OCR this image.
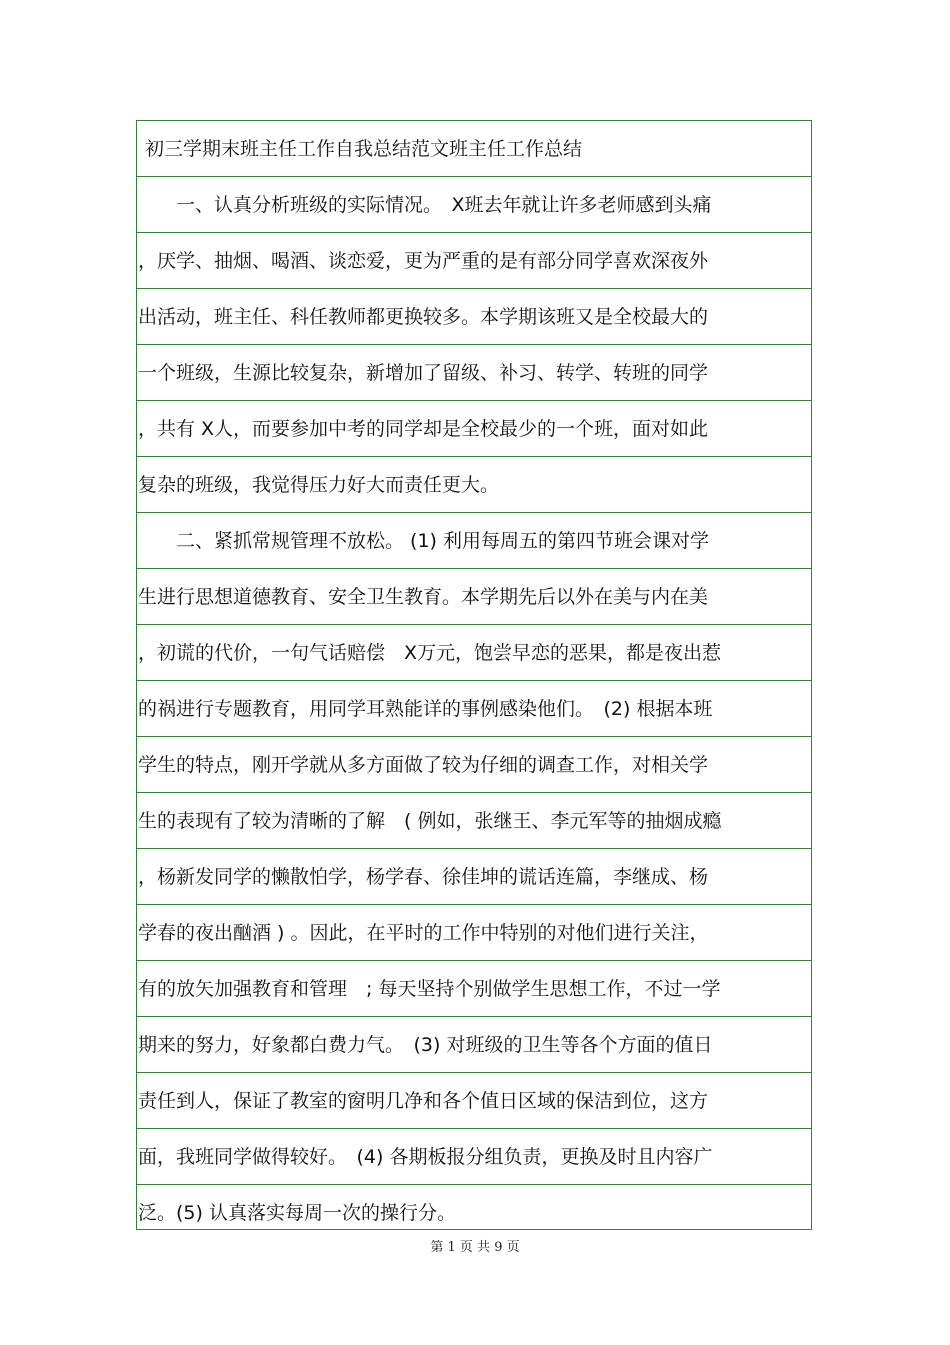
初三学期末班主任工作自我总结范文班主任工作总结
　　一、认真分析班级的实际情况。　X班去年就让许多老师感到头痛
，厌学、抽烟、喝酒、谈恋爱，更为严重的是有部分同学喜欢深夜外
出活动，班主任、科任教师都更换较多。本学期该班又是全校最大的
一个班级，生源比较复杂，新增加了留级、补习、转学、转班的同学
，共有 X人，而要参加中考的同学却是全校最少的一个班，面对如此
复杂的班级，我觉得压力好大而责任更大。
　　二、紧抓常规管理不放松。 (1) 利用每周五的第四节班会课对学
生进行思想道德教育、安全卫生教育。本学期先后以外在美与内在美
，初谎的代价，一句气话赔偿　X万元，饱尝早恋的恶果，都是夜出惹
的祸进行专题教育，用同学耳熟能详的事例感染他们。　(2) 根据本班
学生的特点，刚开学就从多方面做了较为仔细的调查工作，对相关学
生的表现有了较为清晰的了解　( 例如，张继王、李元军等的抽烟成瘾
，杨新发同学的懒散怕学，杨学春、徐佳坤的谎话连篇，李继成、杨
学春的夜出酗酒 ) 。因此，在平时的工作中特别的对他们进行关注，
有的放矢加强教育和管理　; 每天坚持个别做学生思想工作，不过一学
期来的努力，好象都白费力气。　(3) 对班级的卫生等各个方面的值日
责任到人，保证了教室的窗明几净和各个值日区域的保洁到位，这方
面，我班同学做得较好。　(4) 各期板报分组负责，更换及时且内容广
泛。(5) 认真落实每周一次的操行分。
第 1 页 共 9 页
